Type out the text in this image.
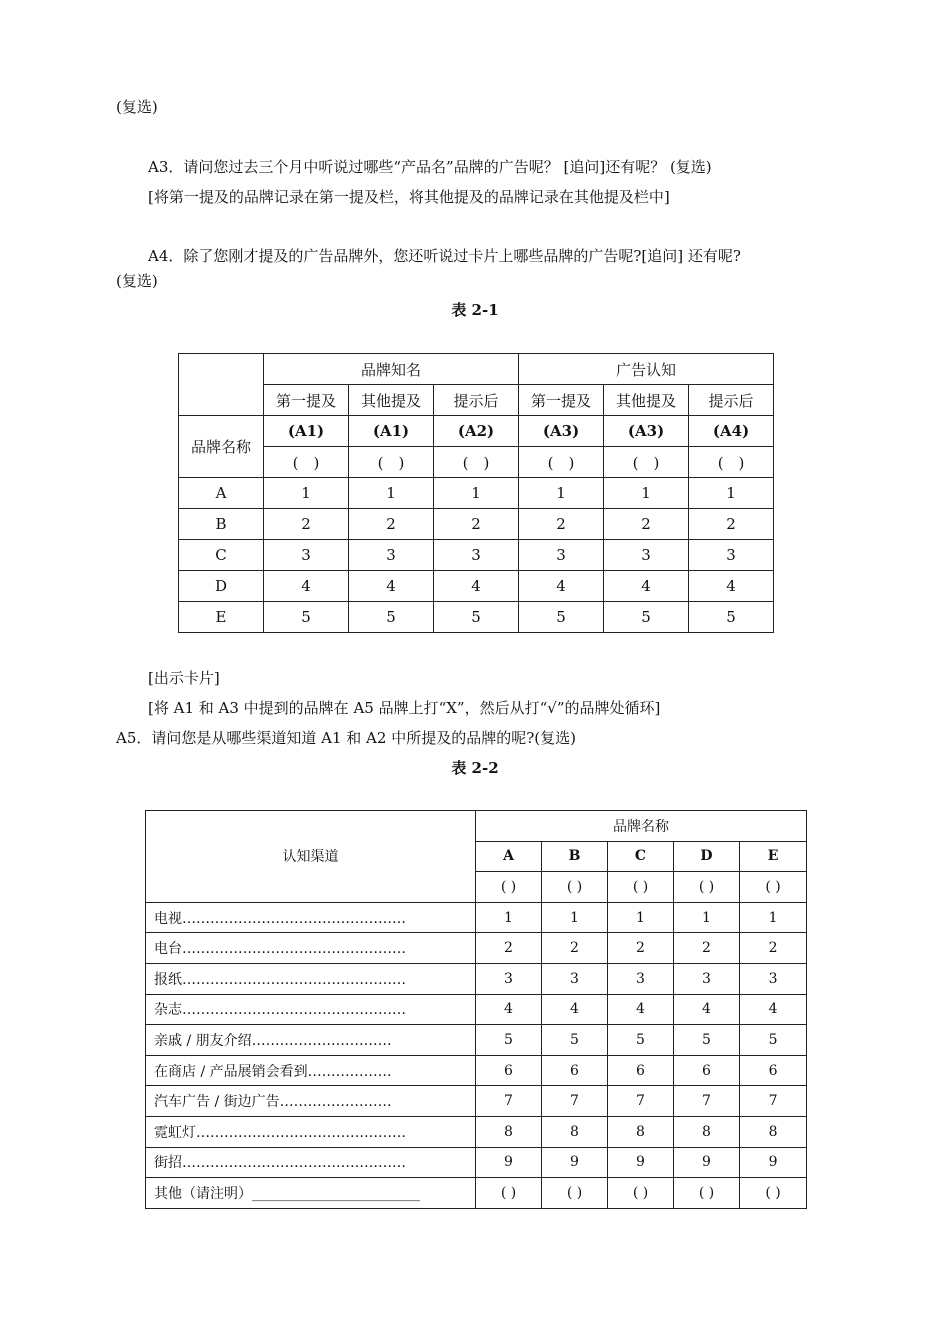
(复选)
A3．请问您过去三个月中听说过哪些“产品名”品牌的广告呢？ [追问]还有呢？ (复选)
[将第一提及的品牌记录在第一提及栏，将其他提及的品牌记录在其他提及栏中]
A4．除了您刚才提及的广告品牌外，您还听说过卡片上哪些品牌的广告呢?[追问] 还有呢?
(复选)
表 2-1
	品牌知名			广告认知		
	第一提及	其他提及	提示后	第一提及	其他提及	提示后
品牌名称	(A1)	(A1)	(A2)	(A3)	(A3)	(A4)
	(　)	(　)	(　)	(　)	(　)	(　)
A	1	1	1	1	1	1
B	2	2	2	2	2	2
C	3	3	3	3	3	3
D	4	4	4	4	4	4
E	5	5	5	5	5	5
[出示卡片]
[将 A1 和 A3 中提到的品牌在 A5 品牌上打“X”，然后从打“√”的品牌处循环]
A5．请问您是从哪些渠道知道 A1 和 A2 中所提及的品牌的呢?(复选)
表 2-2
认知渠道	品牌名称				
	A	B	C	D	E
	( )	( )	( )	( )	( )
电视…………………………………………	1	1	1	1	1
电台…………………………………………	2	2	2	2	2
报纸…………………………………………	3	3	3	3	3
杂志…………………………………………	4	4	4	4	4
亲戚 / 朋友介绍…………………………	5	5	5	5	5
在商店 / 产品展销会看到………………	6	6	6	6	6
汽车广告 / 街边广告……………………	7	7	7	7	7
霓虹灯………………………………………	8	8	8	8	8
街招…………………………………………	9	9	9	9	9
其他（请注明）________________________	( )	( )	( )	( )	( )
